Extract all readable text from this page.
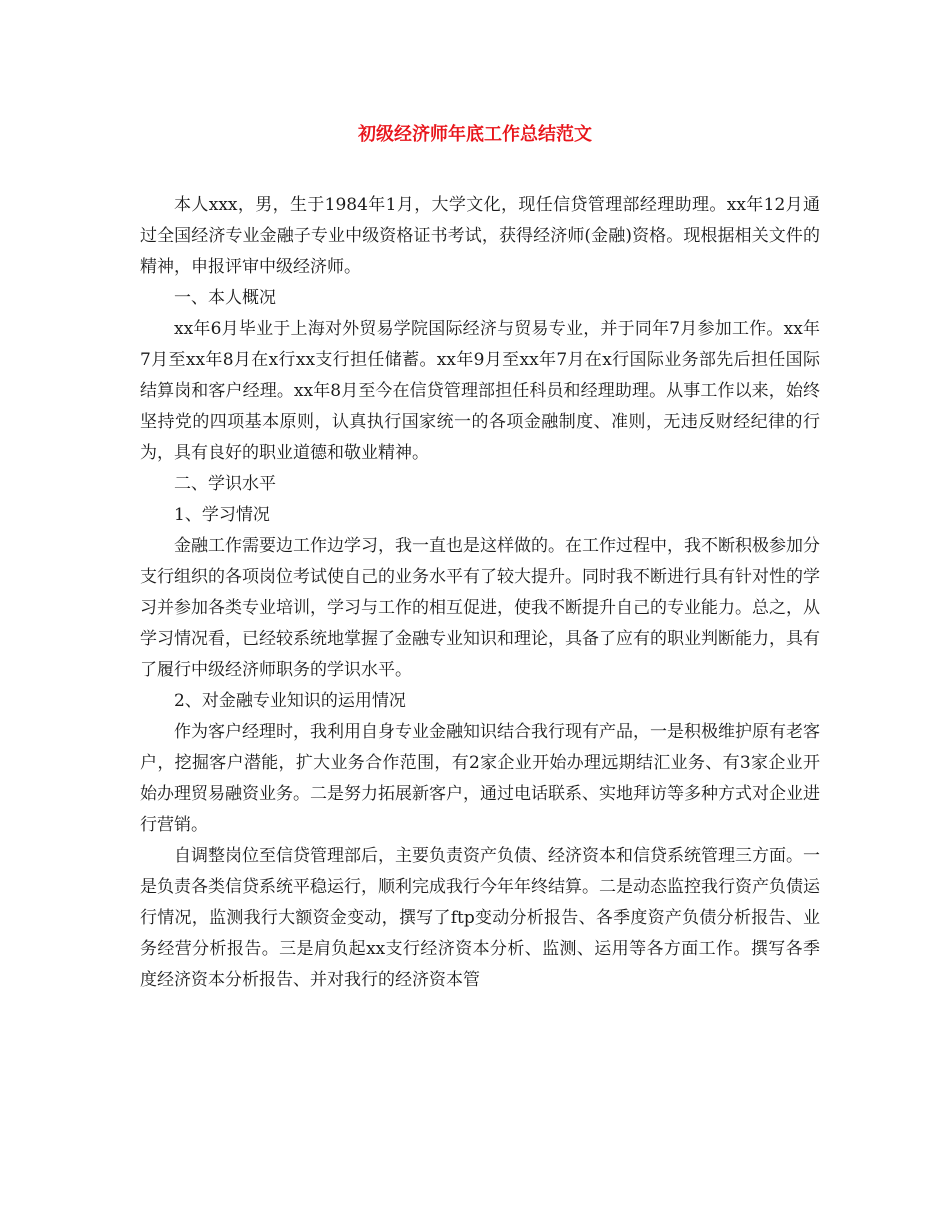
初级经济师年底工作总结范文

本人xxx，男，生于1984年1月，大学文化，现任信贷管理部经理助理。xx年12月通过全国经济专业金融子专业中级资格证书考试，获得经济师(金融)资格。现根据相关文件的精神，申报评审中级经济师。

一、本人概况

xx年6月毕业于上海对外贸易学院国际经济与贸易专业，并于同年7月参加工作。xx年7月至xx年8月在x行xx支行担任储蓄。xx年9月至xx年7月在x行国际业务部先后担任国际结算岗和客户经理。xx年8月至今在信贷管理部担任科员和经理助理。从事工作以来，始终坚持党的四项基本原则，认真执行国家统一的各项金融制度、准则，无违反财经纪律的行为，具有良好的职业道德和敬业精神。

二、学识水平

1、学习情况

金融工作需要边工作边学习，我一直也是这样做的。在工作过程中，我不断积极参加分支行组织的各项岗位考试使自己的业务水平有了较大提升。同时我不断进行具有针对性的学习并参加各类专业培训，学习与工作的相互促进，使我不断提升自己的专业能力。总之，从学习情况看，已经较系统地掌握了金融专业知识和理论，具备了应有的职业判断能力，具有了履行中级经济师职务的学识水平。

2、对金融专业知识的运用情况

作为客户经理时，我利用自身专业金融知识结合我行现有产品，一是积极维护原有老客户，挖掘客户潜能，扩大业务合作范围，有2家企业开始办理远期结汇业务、有3家企业开始办理贸易融资业务。二是努力拓展新客户，通过电话联系、实地拜访等多种方式对企业进行营销。

自调整岗位至信贷管理部后，主要负责资产负债、经济资本和信贷系统管理三方面。一是负责各类信贷系统平稳运行，顺利完成我行今年年终结算。二是动态监控我行资产负债运行情况，监测我行大额资金变动，撰写了ftp变动分析报告、各季度资产负债分析报告、业务经营分析报告。三是肩负起xx支行经济资本分析、监测、运用等各方面工作。撰写各季度经济资本分析报告、并对我行的经济资本管
